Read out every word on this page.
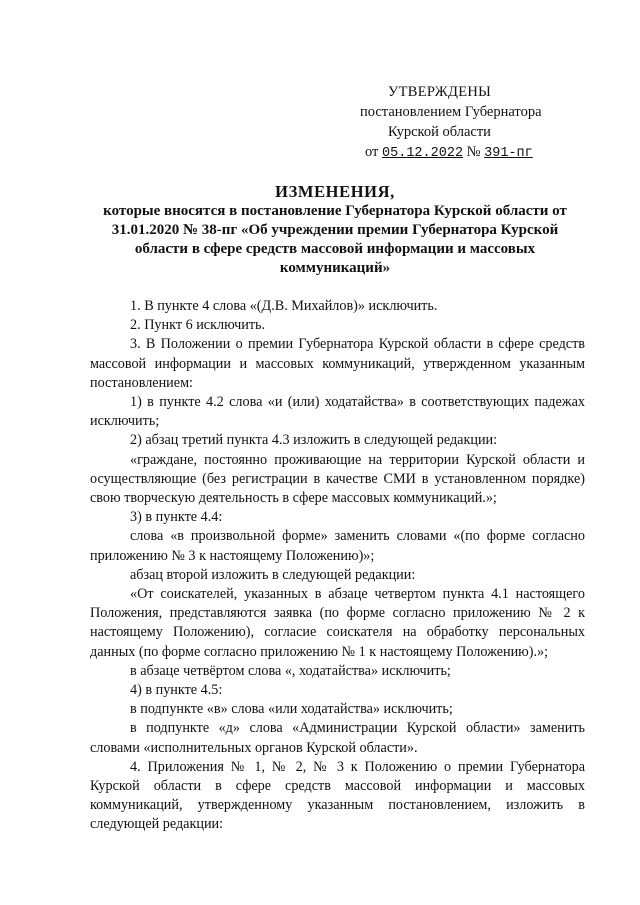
УТВЕРЖДЕНЫ
постановлением Губернатора
Курской области
от 05.12.2022 № 391-пг
ИЗМЕНЕНИЯ,
которые вносятся в постановление Губернатора Курской области от 31.01.2020 № 38-пг «Об учреждении премии Губернатора Курской области в сфере средств массовой информации и массовых коммуникаций»

1. В пункте 4 слова «(Д.В. Михайлов)» исключить.

2. Пункт 6 исключить.

3. В Положении о премии Губернатора Курской области в сфере средств массовой информации и массовых коммуникаций, утвержденном указанным постановлением:

1) в пункте 4.2 слова «и (или) ходатайства» в соответствующих падежах исключить;

2) абзац третий пункта 4.3 изложить в следующей редакции:

«граждане, постоянно проживающие на территории Курской области и осуществляющие (без регистрации в качестве СМИ в установленном порядке) свою творческую деятельность в сфере массовых коммуникаций.»;

3) в пункте 4.4:

слова «в произвольной форме» заменить словами «(по форме согласно приложению № 3 к настоящему Положению)»;

абзац второй изложить в следующей редакции:

«От соискателей, указанных в абзаце четвертом пункта 4.1 настоящего Положения, представляются заявка (по форме согласно приложению № 2 к настоящему Положению), согласие соискателя на обработку персональных данных (по форме согласно приложению № 1 к настоящему Положению).»;

в абзаце четвёртом слова «, ходатайства» исключить;

4) в пункте 4.5:

в подпункте «в» слова «или ходатайства» исключить;

в подпункте «д» слова «Администрации Курской области» заменить словами «исполнительных органов Курской области».

4. Приложения № 1, № 2, № 3 к Положению о премии Губернатора Курской области в сфере средств массовой информации и массовых коммуникаций, утвержденному указанным постановлением, изложить в следующей редакции:
